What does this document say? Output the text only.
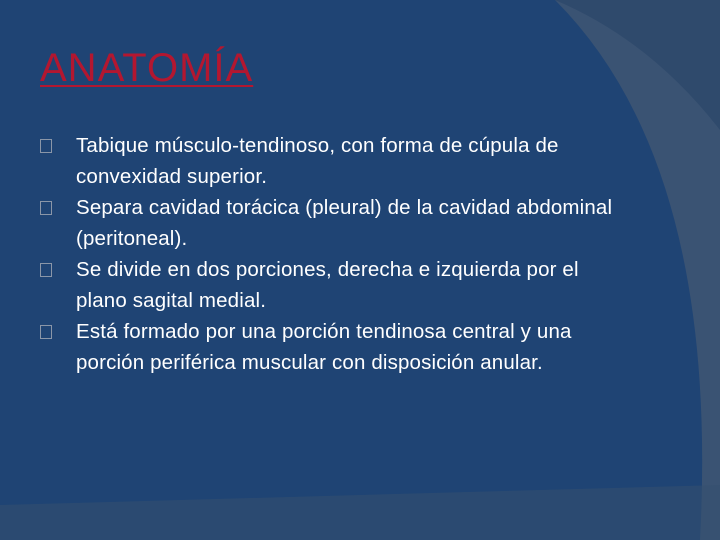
ANATOMÍA
Tabique músculo-tendinoso, con forma de cúpula de convexidad superior.
Separa cavidad torácica (pleural) de la cavidad abdominal (peritoneal).
Se divide en dos porciones, derecha e izquierda por el plano sagital medial.
Está formado por una porción tendinosa central y una porción periférica muscular con disposición anular.
